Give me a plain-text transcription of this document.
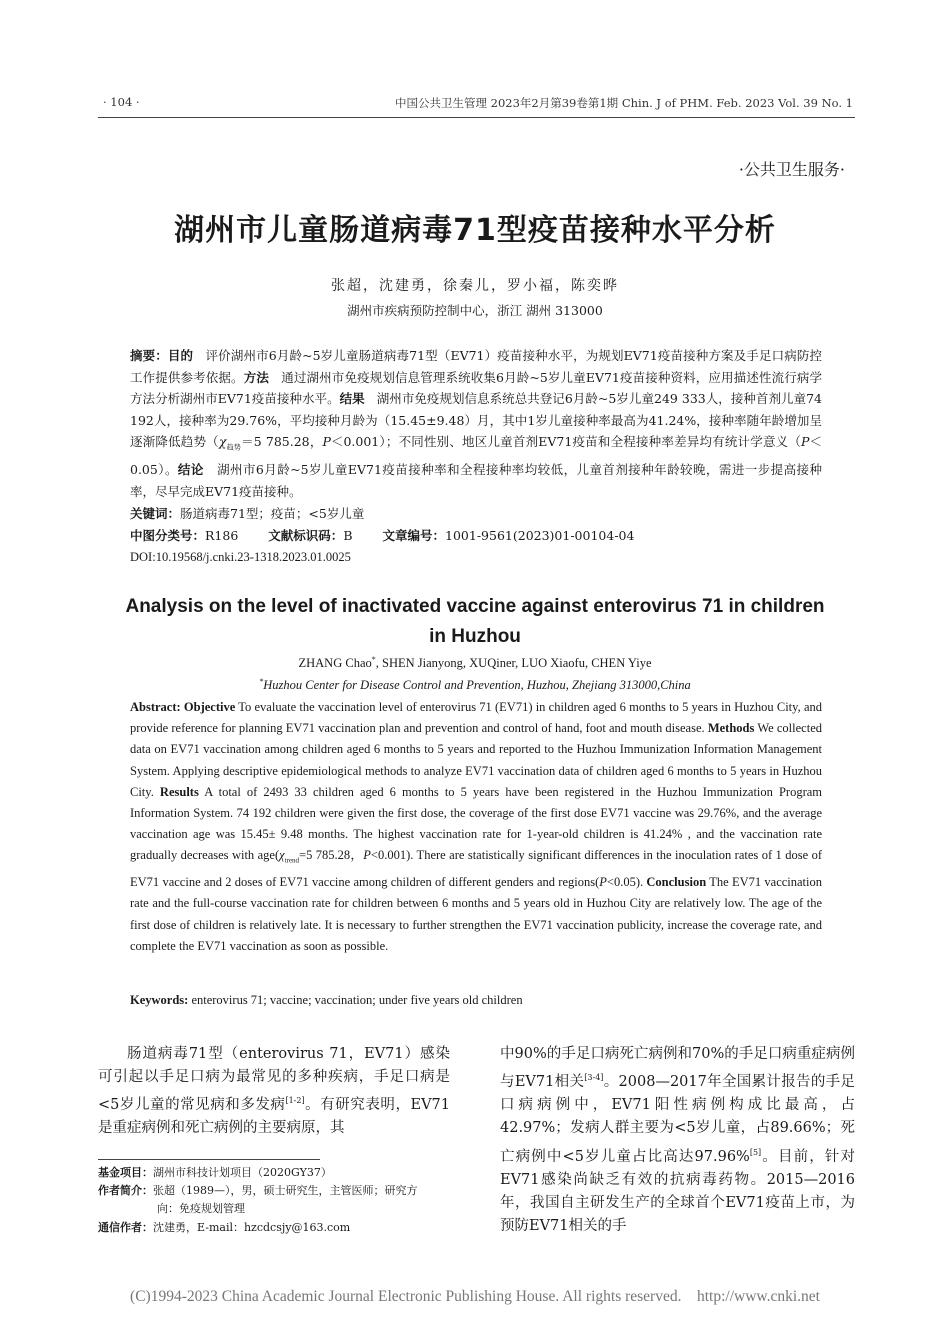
· 104 ·	中国公共卫生管理 2023年2月第39卷第1期 Chin. J of PHM. Feb. 2023 Vol. 39 No. 1
·公共卫生服务·
湖州市儿童肠道病毒71型疫苗接种水平分析
张超，沈建勇，徐秦儿，罗小福，陈奕晔
湖州市疾病预防控制中心，浙江 湖州 313000
摘要：目的 评价湖州市6月龄~5岁儿童肠道病毒71型（EV71）疫苗接种水平，为规划EV71疫苗接种方案及手足口病防控工作提供参考依据。方法 通过湖州市免疫规划信息管理系统收集6月龄~5岁儿童EV71疫苗接种资料，应用描述性流行病学方法分析湖州市EV71疫苗接种水平。结果 湖州市免疫规划信息系统总共登记6月龄~5岁儿童249 333人，接种首剂儿童74 192人，接种率为29.76%，平均接种月龄为（15.45±9.48）月，其中1岁儿童接种率最高为41.24%，接种率随年龄增加呈逐渐降低趋势（$\chi_{趋势}=5$ 785.28，P＜0.001）；不同性别、地区儿童首剂EV71疫苗和全程接种率差异均有统计学意义（P＜0.05）。结论 湖州市6月龄~5岁儿童EV71疫苗接种率和全程接种率均较低，儿童首剂接种年龄较晚，需进一步提高接种率，尽早完成EV71疫苗接种。
关键词：肠道病毒71型；疫苗；<5岁儿童
中图分类号：R186 文献标识码：B 文章编号：1001-9561(2023)01-00104-04
DOI:10.19568/j.cnki.23-1318.2023.01.0025
Analysis on the level of inactivated vaccine against enterovirus 71 in children in Huzhou
ZHANG Chao*, SHEN Jianyong, XUQiner, LUO Xiaofu, CHEN Yiye
*Huzhou Center for Disease Control and Prevention, Huzhou, Zhejiang 313000,China
Abstract: Objective To evaluate the vaccination level of enterovirus 71 (EV71) in children aged 6 months to 5 years in Huzhou City, and provide reference for planning EV71 vaccination plan and prevention and control of hand, foot and mouth disease. Methods We collected data on EV71 vaccination among children aged 6 months to 5 years and reported to the Huzhou Immunization Information Management System. Applying descriptive epidemiological methods to analyze EV71 vaccination data of children aged 6 months to 5 years in Huzhou City. Results A total of 2493 33 children aged 6 months to 5 years have been registered in the Huzhou Immunization Program Information System. 74 192 children were given the first dose, the coverage of the first dose EV71 vaccine was 29.76%, and the average vaccination age was 15.45± 9.48 months. The highest vaccination rate for 1-year-old children is 41.24% , and the vaccination rate gradually decreases with $age(\chi_{trend}=5$ 785.28，P<0.001). There are statistically significant differences in the inoculation rates of 1 dose of EV71 vaccine and 2 doses of EV71 vaccine among children of different genders and regions(P<0.05). Conclusion The EV71 vaccination rate and the full-course vaccination rate for children between 6 months and 5 years old in Huzhou City are relatively low. The age of the first dose of children is relatively late. It is necessary to further strengthen the EV71 vaccination publicity, increase the coverage rate, and complete the EV71 vaccination as soon as possible.
Keywords: enterovirus 71; vaccine; vaccination; under five years old children
肠道病毒71型（enterovirus 71，EV71）感染可引起以手足口病为最常见的多种疾病，手足口病是<5岁儿童的常见病和多发病[1-2]。有研究表明，EV71是重症病例和死亡病例的主要病原，其
中90%的手足口病死亡病例和70%的手足口病重症病例与EV71相关[3-4]。2008—2017年全国累计报告的手足口病病例中，EV71阳性病例构成比最高，占42.97%；发病人群主要为<5岁儿童，占89.66%；死亡病例中<5岁儿童占比高达97.96%[5]。目前，针对EV71感染尚缺乏有效的抗病毒药物。2015—2016年，我国自主研发生产的全球首个EV71疫苗上市，为预防EV71相关的手
基金项目：湖州市科技计划项目（2020GY37）
作者简介：张超（1989—），男，硕士研究生，主管医师；研究方
向：免疫规划管理
通信作者：沈建勇，E-mail：hzcdcsjy@163.com
(C)1994-2023 China Academic Journal Electronic Publishing House. All rights reserved.    http://www.cnki.net
